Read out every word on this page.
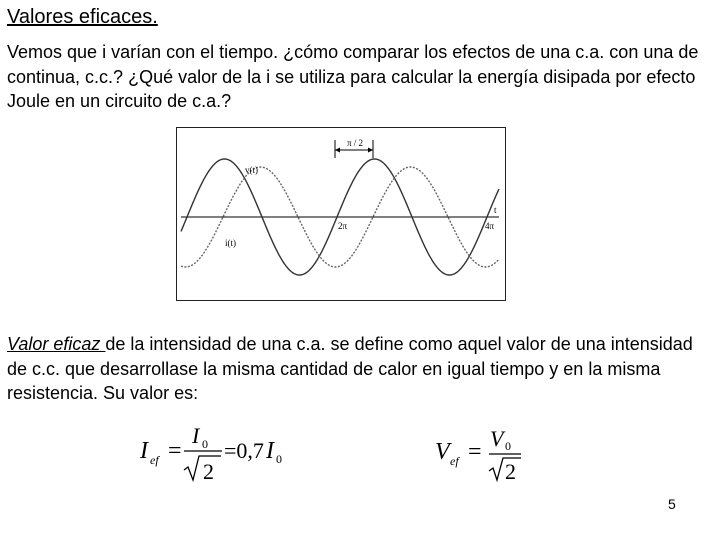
Valores eficaces.
Vemos que i varían con el tiempo. ¿cómo comparar los efectos de una c.a. con una de continua, c.c.? ¿Qué valor de la i se utiliza para calcular la energía disipada por efecto Joule en un circuito de c.a.?
π / 2
v(t)
i(t)
t
2π	4π
Valor eficaz de la intensidad de una c.a. se define como aquel valor de una intensidad de c.c. que desarrollase la misma cantidad de calor en igual tiempo y en la misma resistencia. Su valor es:
I ef =
I 0
2
=0,7 I 0	V ef =
V 0
2
5
